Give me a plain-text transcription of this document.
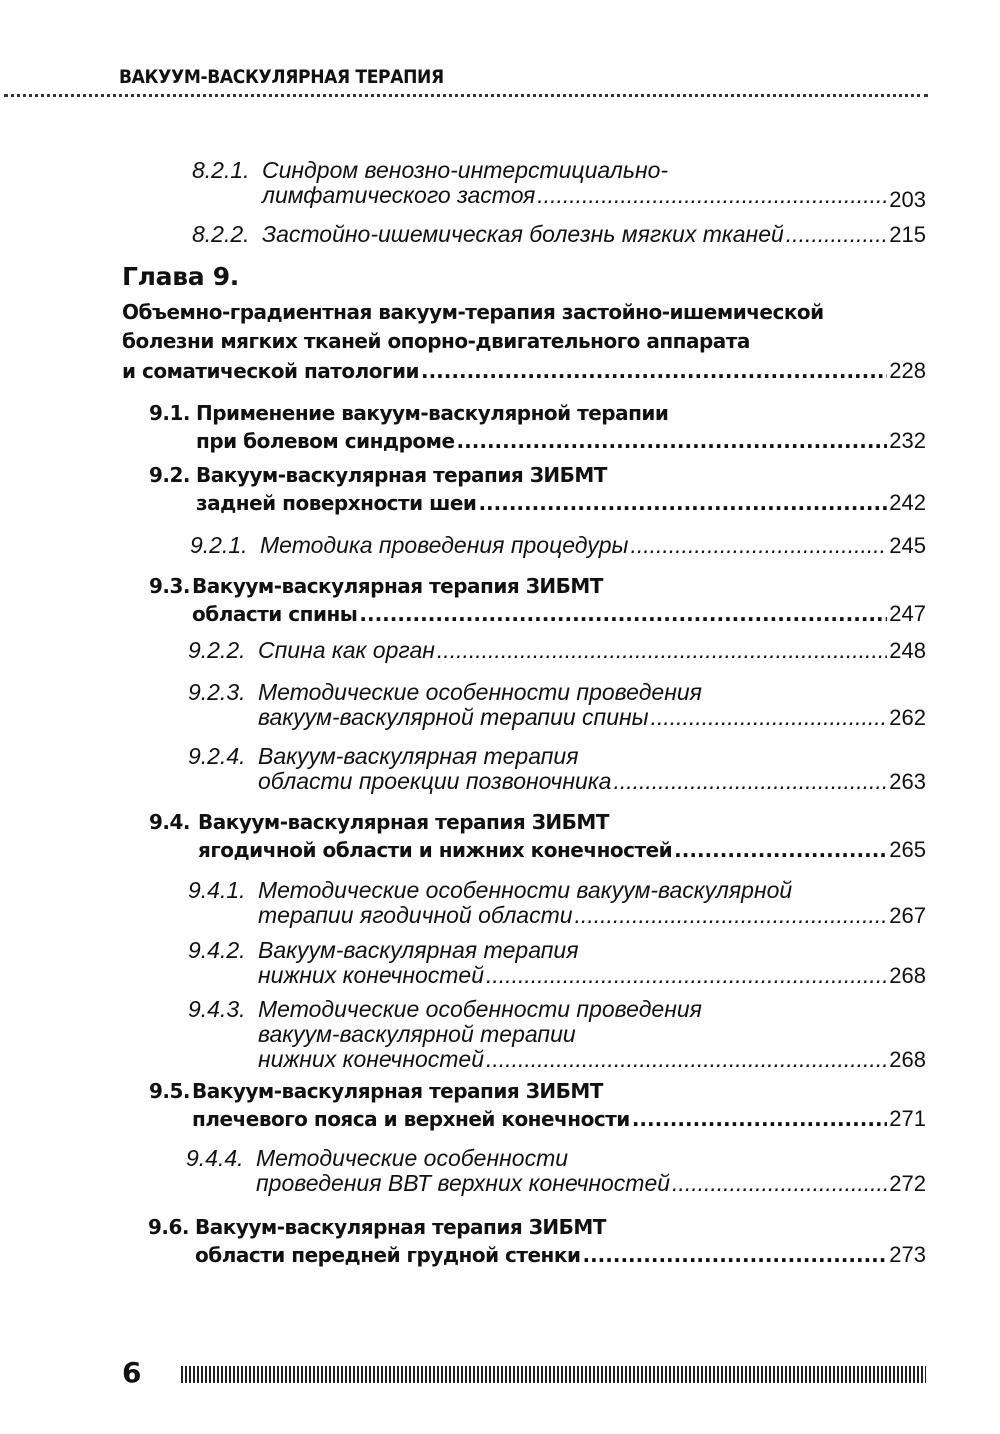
ВАКУУМ-ВАСКУЛЯРНАЯ ТЕРАПИЯ
Глава 9.
8.2.1. Синдром венозно-интерстициально-
лимфатического застоя .....	203
8.2.2. Застойно-ишемическая болезнь мягких тканей .....	215
Объемно-градиентная вакуум-терапия застойно-ишемической
болезни мягких тканей опорно-двигательного аппарата
и соматической патологии .....	228
9.1. Применение вакуум-васкулярной терапии
при болевом синдроме .....	232
9.2. Вакуум-васкулярная терапия ЗИБМТ
задней поверхности шеи .....	242
9.2.1. Методика проведения процедуры .....	245
9.3. Вакуум-васкулярная терапия ЗИБМТ
области спины .....	247
9.2.2. Спина как орган .....	248
9.2.3. Методические особенности проведения
вакуум-васкулярной терапии спины .....	262
9.2.4. Вакуум-васкулярная терапия
области проекции позвоночника .....	263
9.4. Вакуум-васкулярная терапия ЗИБМТ
ягодичной области и нижних конечностей .....	265
9.4.1. Методические особенности вакуум-васкулярной
терапии ягодичной области .....	267
9.4.2. Вакуум-васкулярная терапия
нижних конечностей .....	268
9.4.3. Методические особенности проведения
вакуум-васкулярной терапии
нижних конечностей .....	268
9.5. Вакуум-васкулярная терапия ЗИБМТ
плечевого пояса и верхней конечности .....	271
9.4.4. Методические особенности
проведения ВВТ верхних конечностей .....	272
9.6. Вакуум-васкулярная терапия ЗИБМТ
области передней грудной стенки .....	273
6
